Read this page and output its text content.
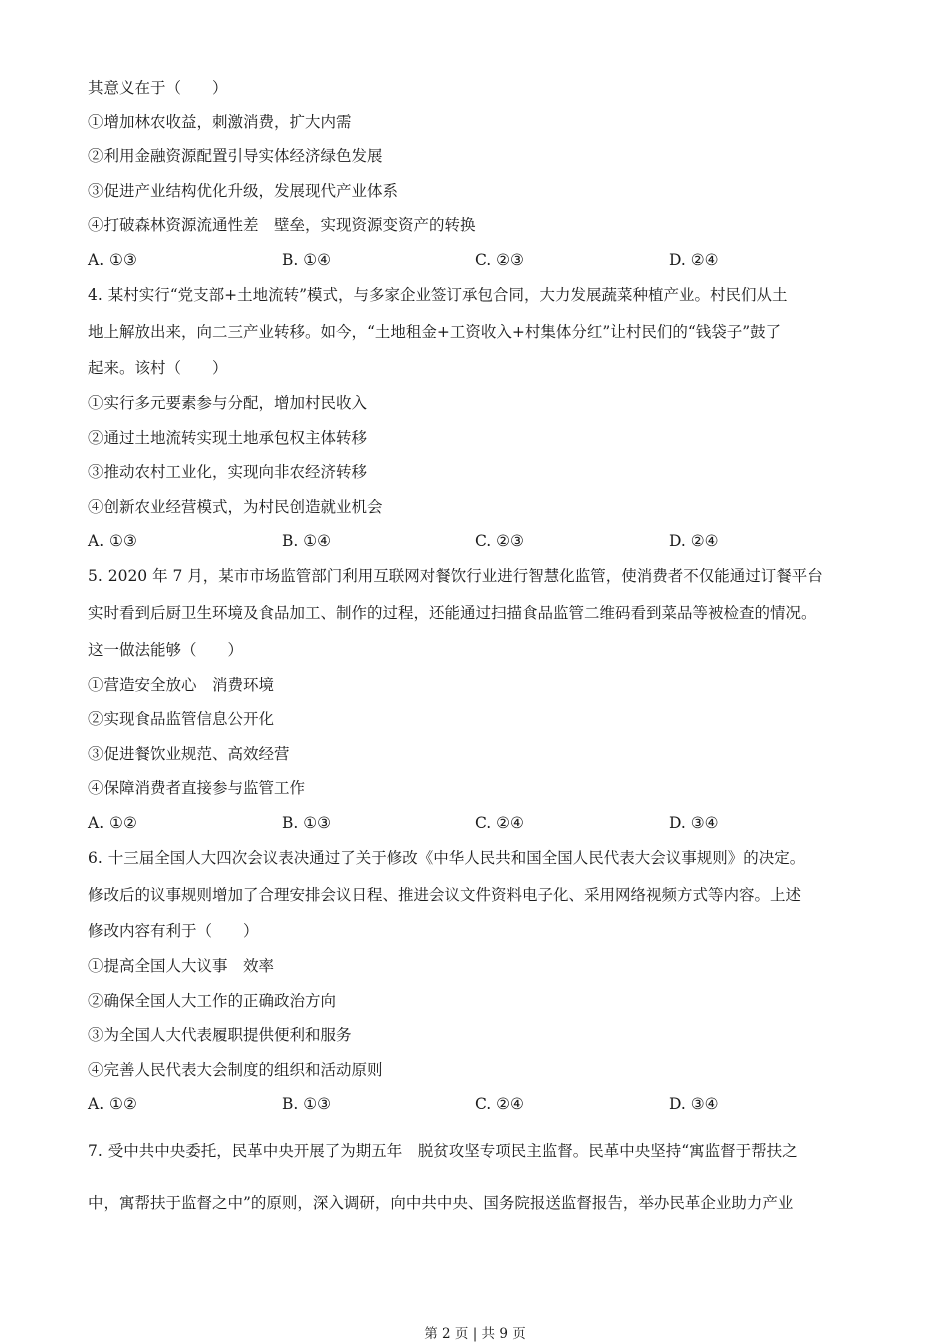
其意义在于（　　）
①增加林农收益，刺激消费，扩大内需
②利用金融资源配置引导实体经济绿色发展
③促进产业结构优化升级，发展现代产业体系
④打破森林资源流通性差　壁垒，实现资源变资产的转换
A. ①③	B. ①④	C. ②③	D. ②④
4. 某村实行“党支部+土地流转”模式，与多家企业签订承包合同，大力发展蔬菜种植产业。村民们从土
地上解放出来，向二三产业转移。如今，“土地租金+工资收入+村集体分红”让村民们的“钱袋子”鼓了
起来。该村（　　）
①实行多元要素参与分配，增加村民收入
②通过土地流转实现土地承包权主体转移
③推动农村工业化，实现向非农经济转移
④创新农业经营模式，为村民创造就业机会
A. ①③	B. ①④	C. ②③	D. ②④
5. 2020 年 7 月，某市市场监管部门利用互联网对餐饮行业进行智慧化监管，使消费者不仅能通过订餐平台
实时看到后厨卫生环境及食品加工、制作的过程，还能通过扫描食品监管二维码看到菜品等被检查的情况。
这一做法能够（　　）
①营造安全放心　消费环境
②实现食品监管信息公开化
③促进餐饮业规范、高效经营
④保障消费者直接参与监管工作
A. ①②	B. ①③	C. ②④	D. ③④
6. 十三届全国人大四次会议表决通过了关于修改《中华人民共和国全国人民代表大会议事规则》的决定。
修改后的议事规则增加了合理安排会议日程、推进会议文件资料电子化、采用网络视频方式等内容。上述
修改内容有利于（　　）
①提高全国人大议事　效率
②确保全国人大工作的正确政治方向
③为全国人大代表履职提供便利和服务
④完善人民代表大会制度的组织和活动原则
A. ①②	B. ①③	C. ②④	D. ③④
7. 受中共中央委托，民革中央开展了为期五年　脱贫攻坚专项民主监督。民革中央坚持“寓监督于帮扶之
中，寓帮扶于监督之中”的原则，深入调研，向中共中央、国务院报送监督报告，举办民革企业助力产业
第 2 页 | 共 9 页
